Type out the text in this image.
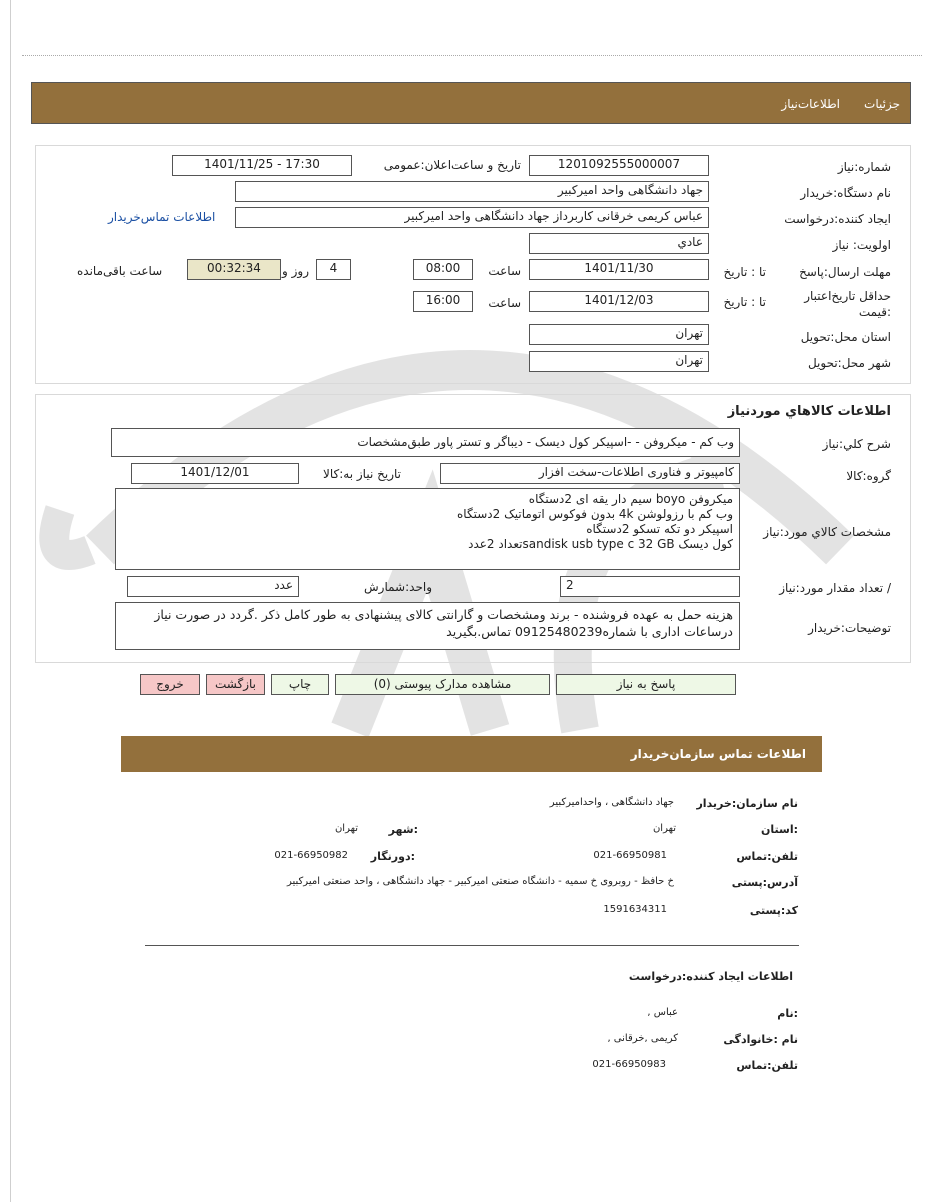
جزئيات
اطلاعات‌نیاز
شماره:نیاز
1201092555000007
تاریخ و ساعت‌اعلان:عمومی
1401/11/25 - 17:30
نام دستگاه:خریدار
جهاد دانشگاهی واحد امیرکبیر
ایجاد کننده:درخواست
عباس کریمی خرقانی کاربرداز جهاد دانشگاهی واحد امیرکبیر
اطلاعات تماس‌خریدار
اولویت: نیاز
عادي
مهلت ارسال:پاسخ
تا : تاریخ
1401/11/30
ساعت
08:00
4
روز و
00:32:34
ساعت باقی‌مانده
حداقل تاریخ‌اعتبار :قیمت
تا : تاریخ
1401/12/03
ساعت
16:00
استان محل:تحویل
تهران
شهر محل:تحویل
تهران
اطلاعات كالاهاي موردنياز
شرح كلي:نياز
وب کم - میکروفن - -اسپیکر کول دیسک - دیباگر و تستر پاور طبق‌مشخصات
گروه:کالا
کامپیوتر و فناوری اطلاعات-سخت افزار
تاریخ نیاز به:کالا
1401/12/01
مشخصات كالاي مورد:نياز
میکروفن boyo سیم دار یقه ای 2دستگاه
وب کم با رزولوشن 4k بدون فوکوس اتوماتیک 2دستگاه
اسپیکر دو تکه تسکو 2دستگاه
کول دیسک sandisk usb type c 32 GBتعداد 2عدد
/ تعداد مقدار مورد:نیاز
2
واحد:شمارش
عدد
توضیحات:خریدار
هزینه حمل به عهده فروشنده - برند ومشخصات و گارانتی کالای پیشنهادی به طور کامل ذکر .گردد در صورت نیاز درساعات اداری با شماره09125480239 تماس.بگیرید
پاسخ به نیاز
مشاهده مدارک پیوستی (0)
چاپ
بازگشت
خروج
اطلاعات تماس سازمان‌خریدار
نام سازمان:خریدار
جهاد دانشگاهی ، واحدامیرکبیر
:استان
تهران
:شهر
تهران
تلفن:تماس
021-66950981
:دورنگار
021-66950982
آدرس:پستی
خ حافظ - روبروی خ سمیه - دانشگاه صنعتی امیرکبیر - جهاد دانشگاهی ، واحد صنعتی امیرکبیر
کد:پستی
1591634311
اطلاعات ایجاد کننده:درخواست
:نام
عباس ,
نام :خانوادگی
کریمی ,خرقانی ,
تلفن:تماس
021-66950983
